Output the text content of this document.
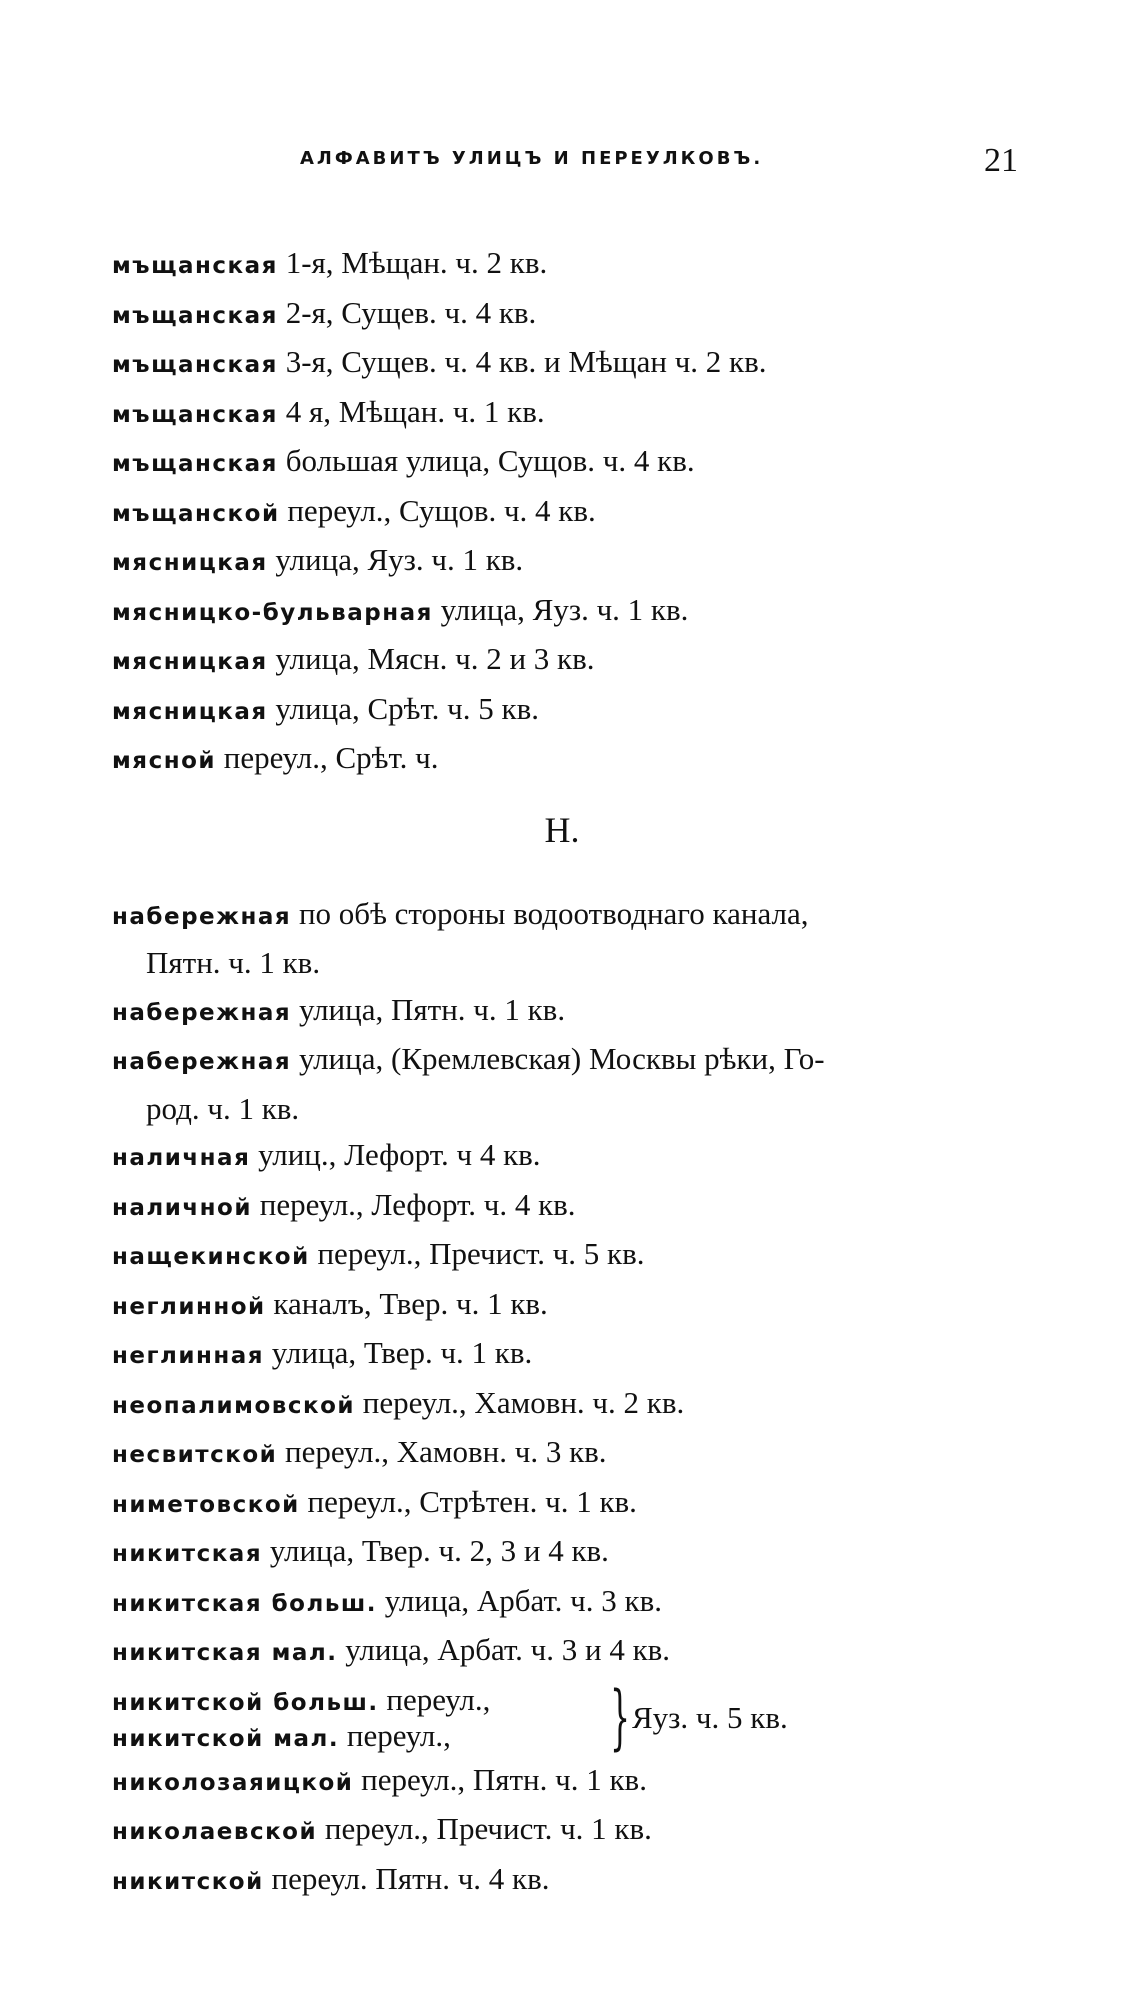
АЛФАВИТЪ УЛИЦЪ И ПЕРЕУЛКОВЪ.	21
мъщанская 1-я, Мѣщан. ч. 2 кв.
мъщанская 2-я, Сущев. ч. 4 кв.
мъщанская 3-я, Сущев. ч. 4 кв. и Мѣщан ч. 2 кв.
мъщанская 4 я, Мѣщан. ч. 1 кв.
мъщанская большая улица, Сущов. ч. 4 кв.
мъщанской переул., Сущов. ч. 4 кв.
мясницкая улица, Яуз. ч. 1 кв.
мясницко-бульварная улица, Яуз. ч. 1 кв.
мясницкая улица, Мясн. ч. 2 и 3 кв.
мясницкая улица, Срѣт. ч. 5 кв.
мясной переул., Срѣт. ч.
Н.
набережная по обѣ стороны водоотводнаго канала,
Пятн. ч. 1 кв.
набережная улица, Пятн. ч. 1 кв.
набережная улица, (Кремлевская) Москвы рѣки, Го-
род. ч. 1 кв.
наличная улиц., Лефорт. ч 4 кв.
наличной переул., Лефорт. ч. 4 кв.
нащекинской переул., Пречист. ч. 5 кв.
неглинной каналъ, Твер. ч. 1 кв.
неглинная улица, Твер. ч. 1 кв.
неопалимовской переул., Хамовн. ч. 2 кв.
несвитской переул., Хамовн. ч. 3 кв.
ниметовской переул., Стрѣтен. ч. 1 кв.
никитская улица, Твер. ч. 2, 3 и 4 кв.
никитская больш. улица, Арбат. ч. 3 кв.
никитская мал. улица, Арбат. ч. 3 и 4 кв.
никитской больш. переул.,
никитской мал. переул., } Яуз. ч. 5 кв.
николозаяицкой переул., Пятн. ч. 1 кв.
николаевской переул., Пречист. ч. 1 кв.
никитской переул. Пятн. ч. 4 кв.
